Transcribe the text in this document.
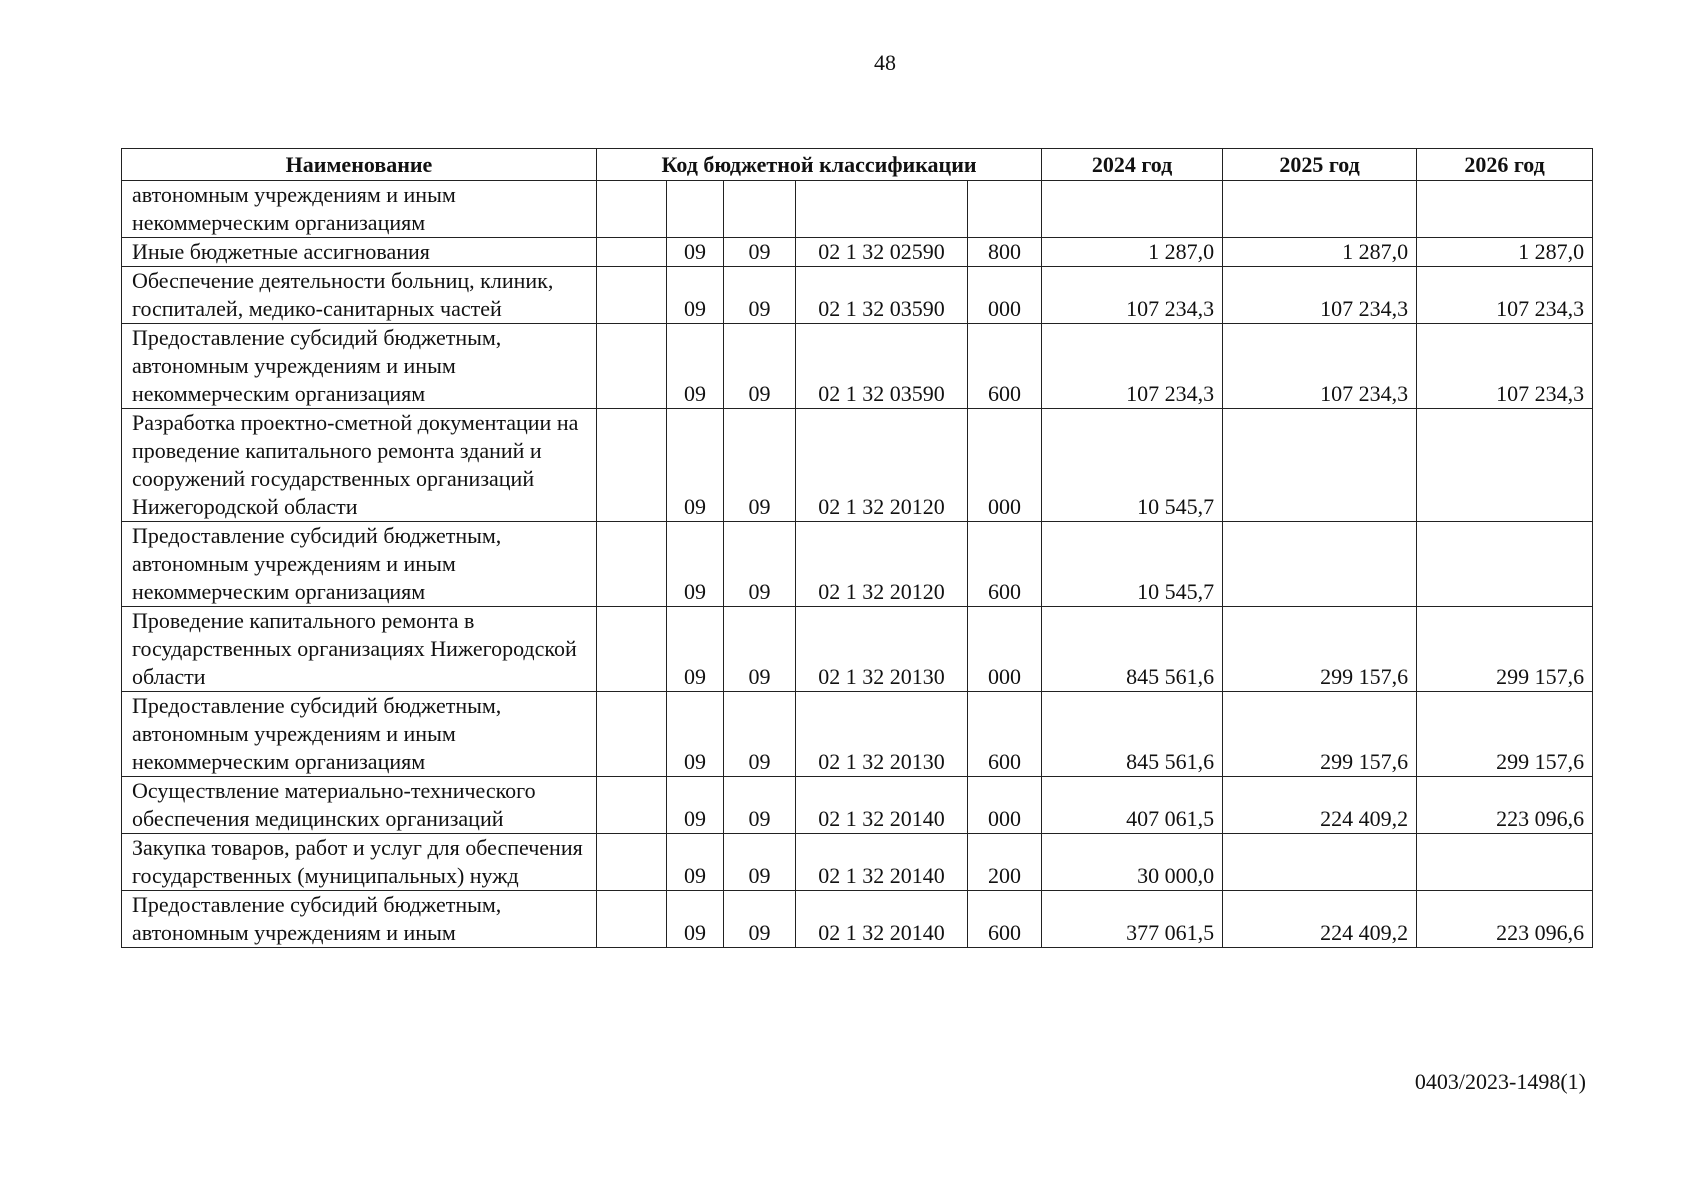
48
Наименование	Код бюджетной классификации					2024 год	2025 год	2026 год
автономным учреждениям и иным некоммерческим организациям								
Иные бюджетные ассигнования		09	09	02 1 32 02590	800	1 287,0	1 287,0	1 287,0
Обеспечение деятельности больниц, клиник, госпиталей, медико-санитарных частей		09	09	02 1 32 03590	000	107 234,3	107 234,3	107 234,3
Предоставление субсидий бюджетным, автономным учреждениям и иным некоммерческим организациям		09	09	02 1 32 03590	600	107 234,3	107 234,3	107 234,3
Разработка проектно-сметной документации на проведение капитального ремонта зданий и сооружений государственных организаций Нижегородской области		09	09	02 1 32 20120	000	10 545,7		
Предоставление субсидий бюджетным, автономным учреждениям и иным некоммерческим организациям		09	09	02 1 32 20120	600	10 545,7		
Проведение капитального ремонта в государственных организациях Нижегородской области		09	09	02 1 32 20130	000	845 561,6	299 157,6	299 157,6
Предоставление субсидий бюджетным, автономным учреждениям и иным некоммерческим организациям		09	09	02 1 32 20130	600	845 561,6	299 157,6	299 157,6
Осуществление материально-технического обеспечения медицинских организаций		09	09	02 1 32 20140	000	407 061,5	224 409,2	223 096,6
Закупка товаров, работ и услуг для обеспечения государственных (муниципальных) нужд		09	09	02 1 32 20140	200	30 000,0		
Предоставление субсидий бюджетным, автономным учреждениям и иным		09	09	02 1 32 20140	600	377 061,5	224 409,2	223 096,6
0403/2023-1498(1)
